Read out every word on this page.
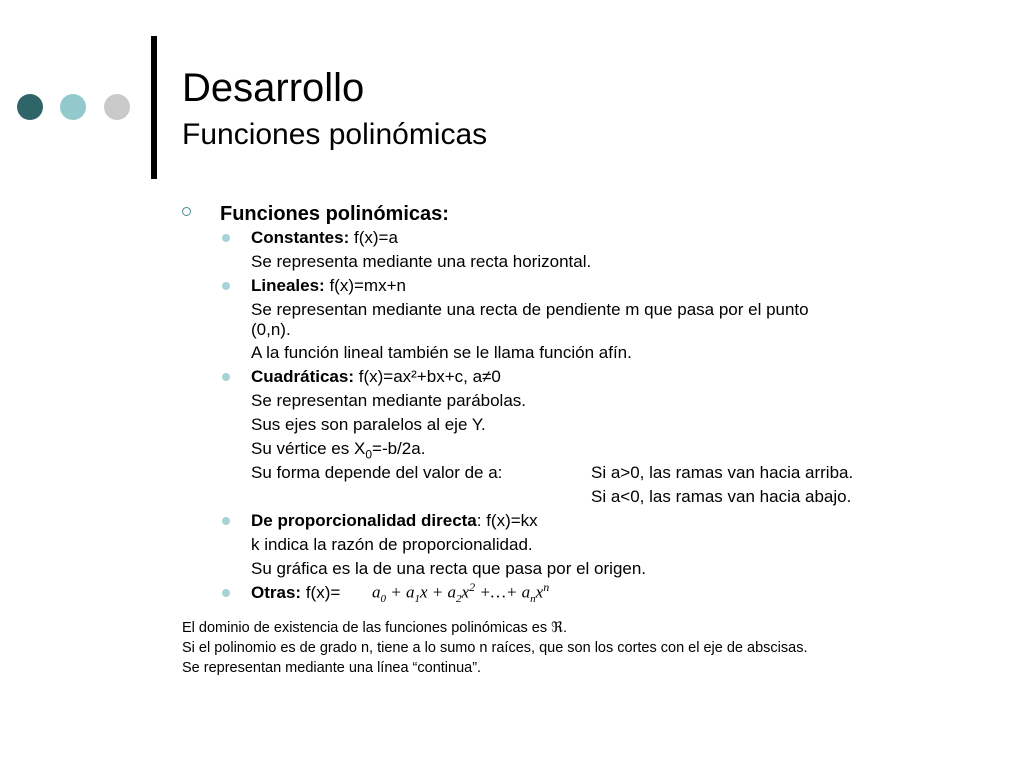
Desarrollo
Funciones polinómicas
Funciones polinómicas:
Constantes: f(x)=a
Se representa mediante una recta horizontal.
Lineales: f(x)=mx+n
Se representan mediante una recta de pendiente m que pasa por el punto
(0,n).
A la función lineal también se le llama función afín.
Cuadráticas: f(x)=ax²+bx+c, a≠0
Se representan mediante parábolas.
Sus ejes son paralelos al eje Y.
Su vértice es $X_0=-b/2a$.
Su forma depende del valor de a:	Si a>0, las ramas van hacia arriba.
Si a<0, las ramas van hacia abajo.
De proporcionalidad directa: f(x)=kx
k indica la razón de proporcionalidad.
Su gráfica es la de una recta que pasa por el origen.
Otras: $f(x)= a_0 + a_1x + a_2x^2$ +…+ $a_nx^n$
El dominio de existencia de las funciones polinómicas es ℜ.
Si el polinomio es de grado n, tiene a lo sumo n raíces, que son los cortes con el eje de abscisas.
Se representan mediante una línea “continua”.
